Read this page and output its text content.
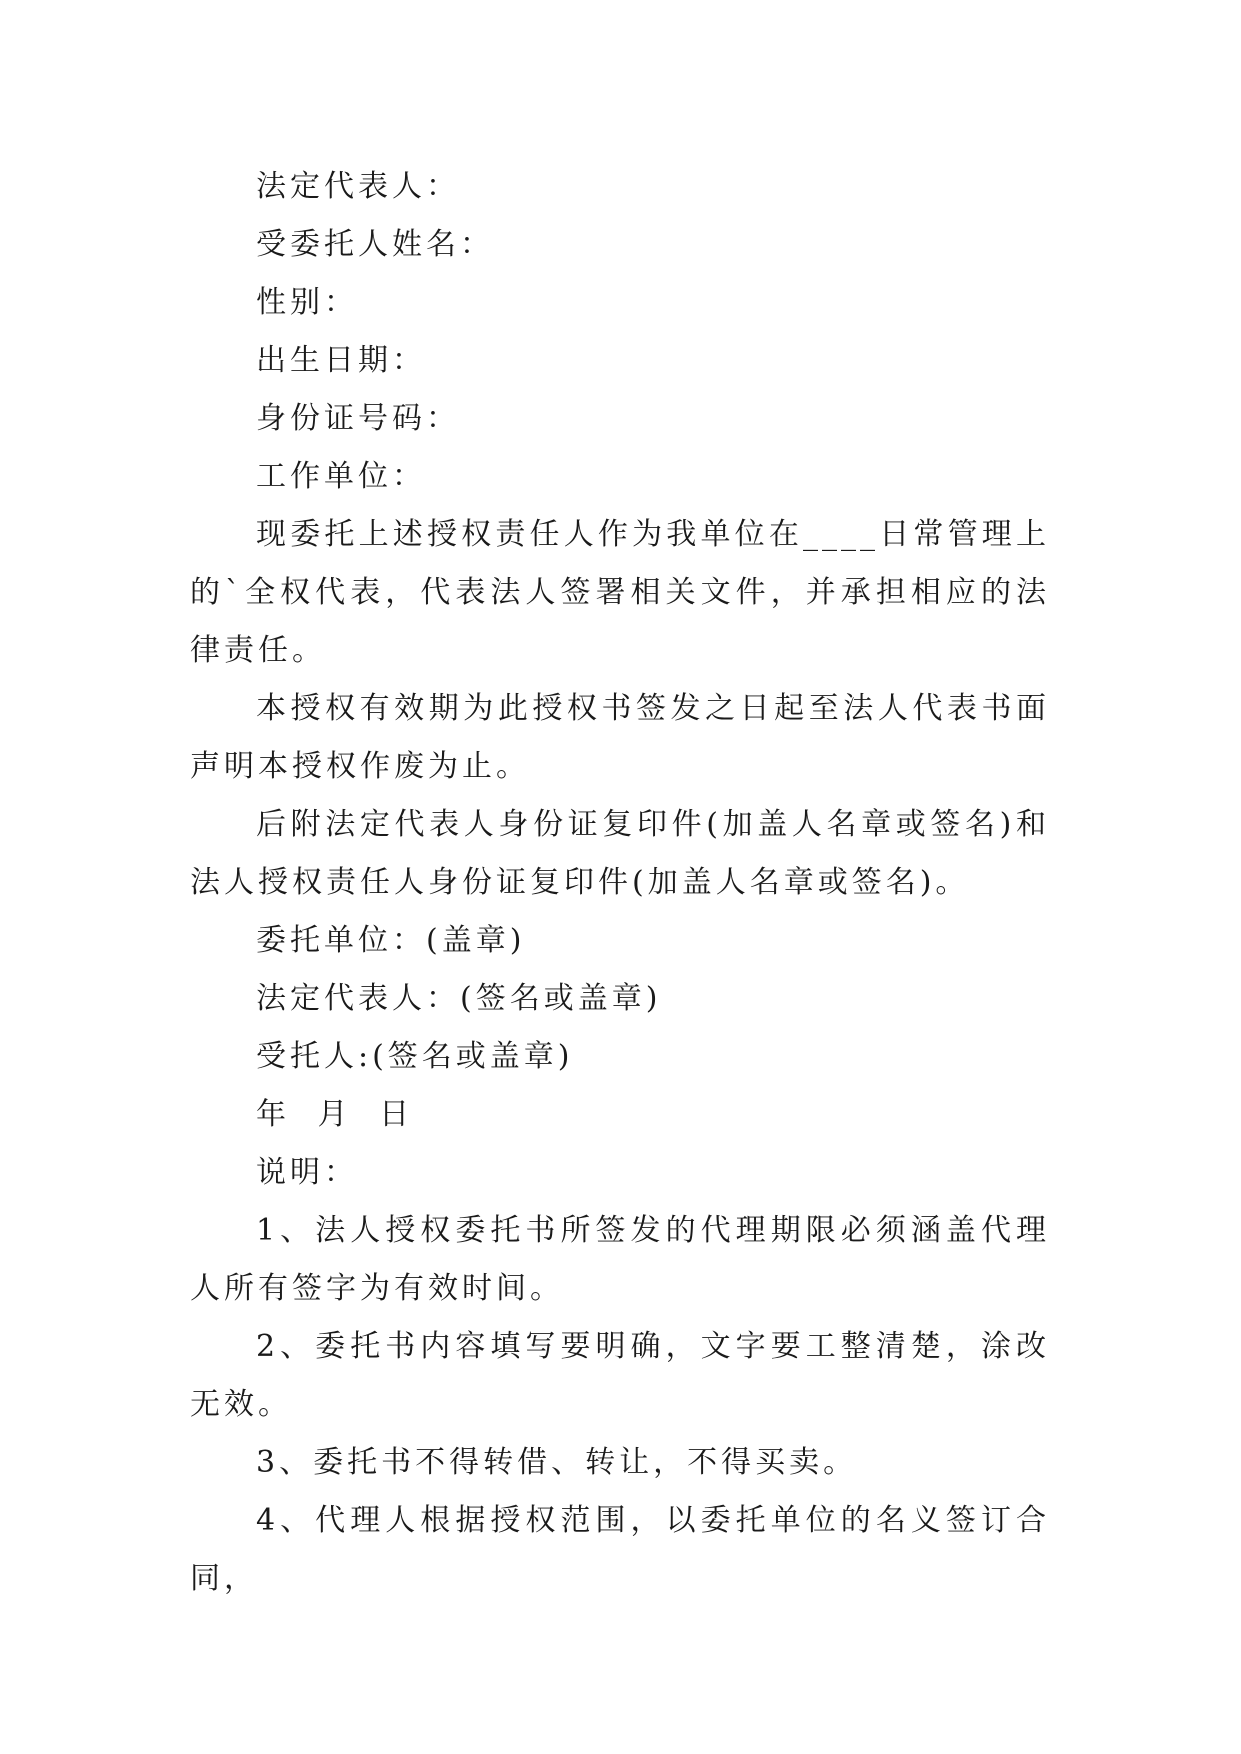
法定代表人：

受委托人姓名：

性别：

出生日期：

身份证号码：

工作单位：

现委托上述授权责任人作为我单位在____日常管理上的`全权代表，代表法人签署相关文件，并承担相应的法律责任。

本授权有效期为此授权书签发之日起至法人代表书面声明本授权作废为止。

后附法定代表人身份证复印件(加盖人名章或签名)和法人授权责任人身份证复印件(加盖人名章或签名)。

委托单位：(盖章)

法定代表人：(签名或盖章)

受托人:(签名或盖章)

年 月 日

说明：

1、法人授权委托书所签发的代理期限必须涵盖代理人所有签字为有效时间。

2、委托书内容填写要明确，文字要工整清楚，涂改无效。

3、委托书不得转借、转让，不得买卖。

4、代理人根据授权范围，以委托单位的名义签订合同，
